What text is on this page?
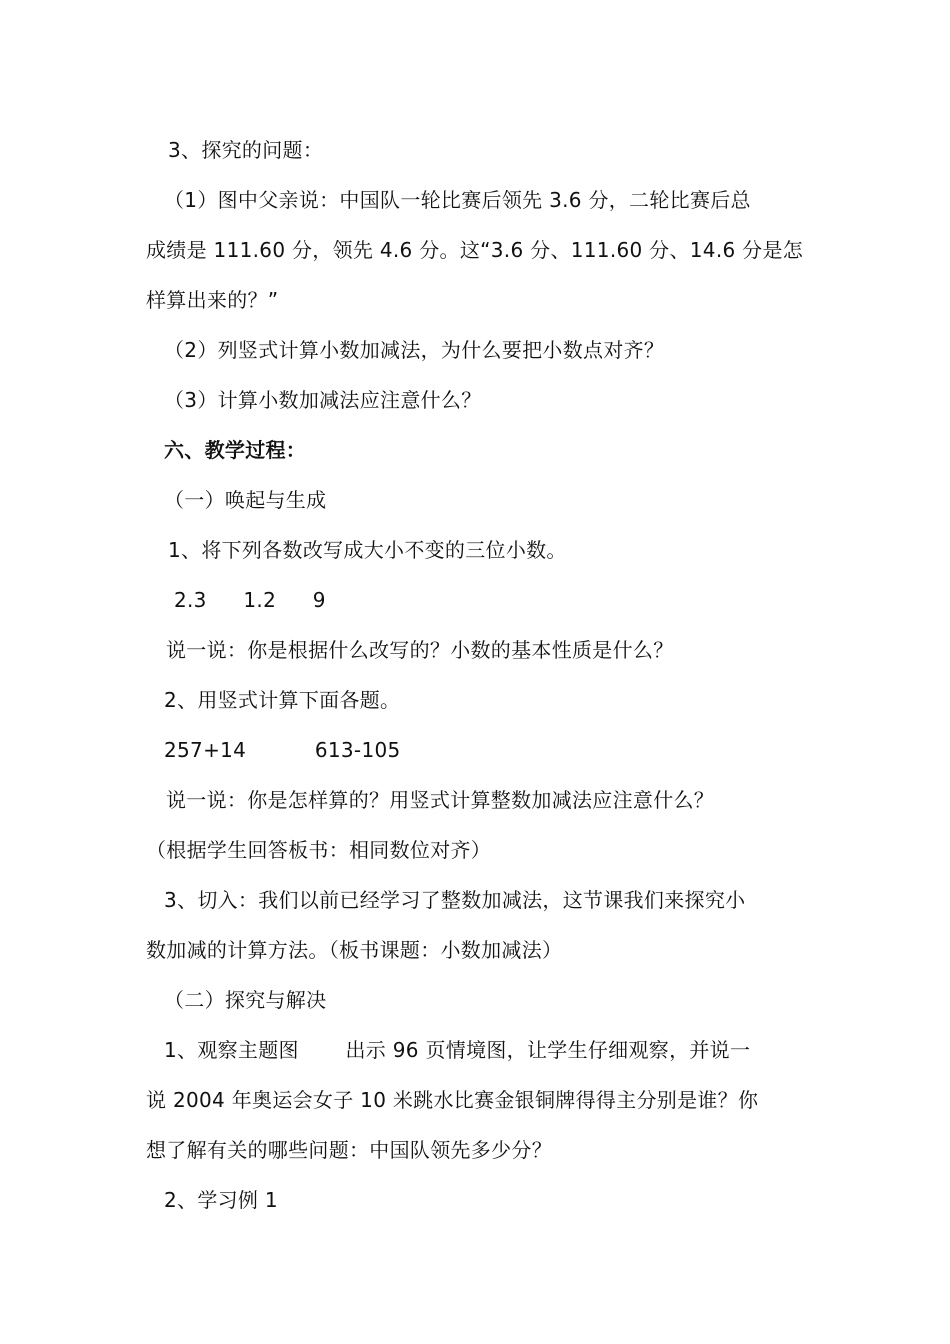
3、探究的问题：
（1）图中父亲说：中国队一轮比赛后领先 3.6 分，二轮比赛后总
成绩是 111.60 分，领先 4.6 分。这“3.6 分、111.60 分、14.6 分是怎
样算出来的？”
（2）列竖式计算小数加减法，为什么要把小数点对齐？
（3）计算小数加减法应注意什么？
六、教学过程：
（一）唤起与生成
1、将下列各数改写成大小不变的三位小数。
2.3 1.2 9
说一说：你是根据什么改写的？小数的基本性质是什么？
2、用竖式计算下面各题。
257+14	613-105
说一说：你是怎样算的？用竖式计算整数加减法应注意什么？
（根据学生回答板书：相同数位对齐）
3、切入：我们以前已经学习了整数加减法，这节课我们来探究小
数加减的计算方法。（板书课题：小数加减法）
（二）探究与解决
1、观察主题图 出示 96 页情境图，让学生仔细观察，并说一
说 2004 年奥运会女子 10 米跳水比赛金银铜牌得得主分别是谁？你
想了解有关的哪些问题：中国队领先多少分？
2、学习例 1
